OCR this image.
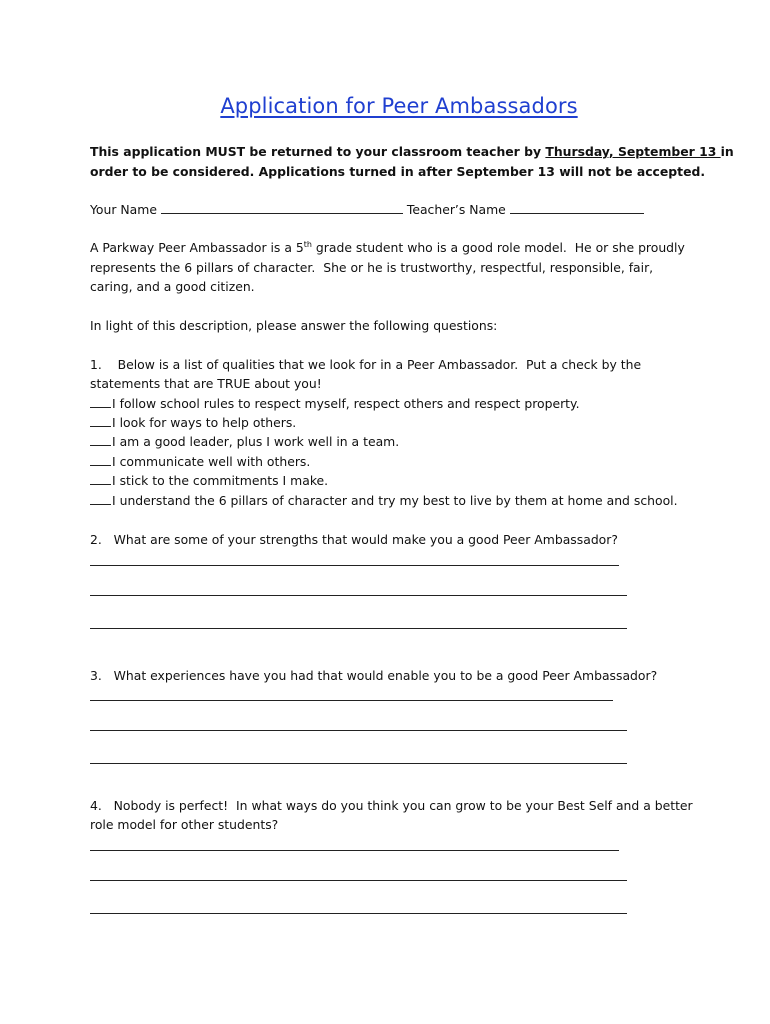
Application for Peer Ambassadors
This application MUST be returned to your classroom teacher by Thursday, September 13 in
order to be considered. Applications turned in after September 13 will not be accepted.
Your Name	Teacher’s Name
A Parkway Peer Ambassador is a 5th grade student who is a good role model.  He or she proudly
represents the 6 pillars of character.  She or he is trustworthy, respectful, responsible, fair,
caring, and a good citizen.
In light of this description, please answer the following questions:
1. Below is a list of qualities that we look for in a Peer Ambassador.  Put a check by the
statements that are TRUE about you!
I follow school rules to respect myself, respect others and respect property.
I look for ways to help others.
I am a good leader, plus I work well in a team.
I communicate well with others.
I stick to the commitments I make.
I understand the 6 pillars of character and try my best to live by them at home and school.
2. What are some of your strengths that would make you a good Peer Ambassador?
3. What experiences have you had that would enable you to be a good Peer Ambassador?
4. Nobody is perfect!  In what ways do you think you can grow to be your Best Self and a better
role model for other students?
